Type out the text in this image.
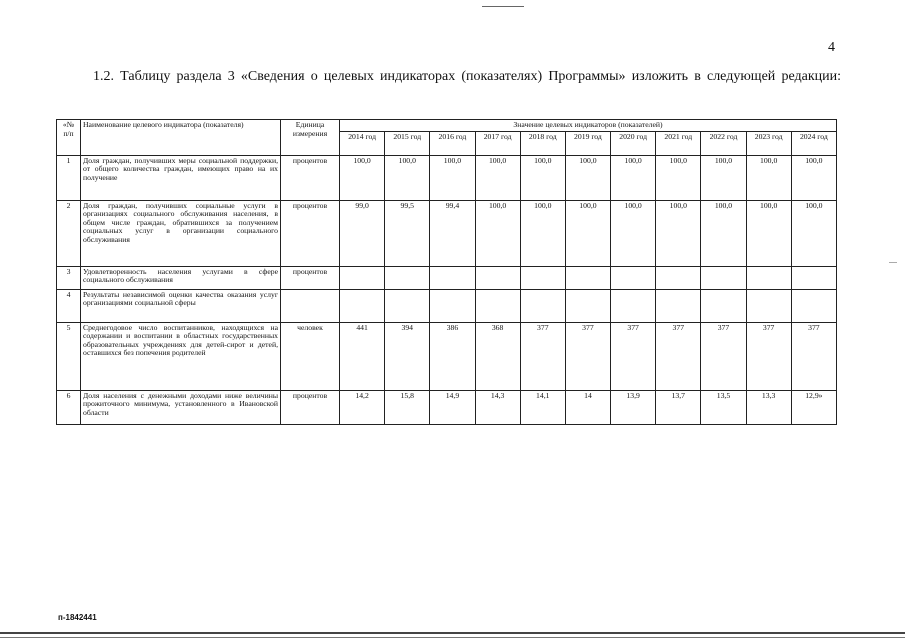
4
1.2. Таблицу раздела 3 «Сведения о целевых индикаторах (показателях) Программы» изложить в следующей редакции:
«№ п/п	Наименование целевого индикатора (показателя)	Единица измерения	Значение целевых индикаторов (показателей)										
			2014 год	2015 год	2016 год	2017 год	2018 год	2019 год	2020 год	2021 год	2022 год	2023 год	2024 год
1	Доля граждан, получивших меры социальной поддержки, от общего количества граждан, имеющих право на их получение	процентов	100,0	100,0	100,0	100,0	100,0	100,0	100,0	100,0	100,0	100,0	100,0
2	Доля граждан, получивших социальные услуги в организациях социального обслуживания населения, в общем числе граждан, обратившихся за получением социальных услуг в организации социального обслуживания	процентов	99,0	99,5	99,4	100,0	100,0	100,0	100,0	100,0	100,0	100,0	100,0
3	Удовлетворенность населения услугами в сфере социального обслуживания	процентов											
4	Результаты независимой оценки качества оказания услуг организациями социальной сферы												
5	Среднегодовое число воспитанников, находящихся на содержании и воспитании в областных государственных образовательных учреждениях для детей-сирот и детей, оставшихся без попечения родителей	человек	441	394	386	368	377	377	377	377	377	377	377
6	Доля населения с денежными доходами ниже величины прожиточного минимума, установленного в Ивановской области	процентов	14,2	15,8	14,9	14,3	14,1	14	13,9	13,7	13,5	13,3	12,9»
п-1842441
